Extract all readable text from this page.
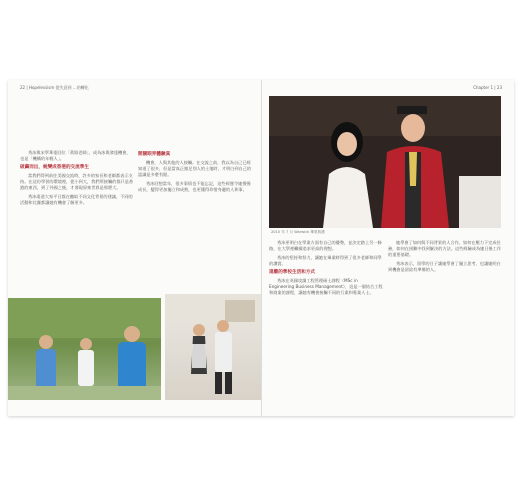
22 | Hopelessism 從失意到 …的轉化	Chapter 1 | 23

秀冰與宋學華重回位「黃紹老師」，成為冰與發達機會，也是「機構的年輕人」。

破繭而出，蛻變成香港的交流學生

當我們得到前往美國交流時，許多的家長和老師都表示支持。在這份學習的環境裡，從小到大，我們所接觸的都只是香港的東西，到了外國之後，才發現原來世界是那麼大。

秀冰遠道大家平日都在聽取不同文化背景的建議，不同的活動和比賽都讓她有機會了解更多。

開闊眼界體驗真

機會，人與其他的人接觸。在交流之前，我以為自己已經知道了很多，但是當真正踏足別人的土地時，才明白到自己的認識是多麼有限。

秀冰回想當年，很多事情也不能忘記，這些經歷令她慢慢成長，變得更加獨立和成熟，也更懂得珍惜身邊的人和事。

2010 年 7 月 Warwick 畢業典禮

秀冰更明白在學業方面有自己的優勢，並決定踏上另一條路，在大學裡繼續追求更高的理想。

秀冰的堅持和努力，讓她在畢業時得到了很多老師和同學的讚賞。

遠離的學校生活和方式

秀冰在英國攻讀工程管理碩士課程（MSc in Engineering Business Management），這是一個結合工程和商業的課程，讓她有機會接觸不同的行業和專業人士。

她學會了如何與不同背景的人合作，如何在壓力下完成任務，如何在困難中找到解決的方法。這些經驗成為她日後工作的重要基礎。

秀冰表示，留學的日子讓她學會了獨立思考，也讓她明白到機會是留給有準備的人。
